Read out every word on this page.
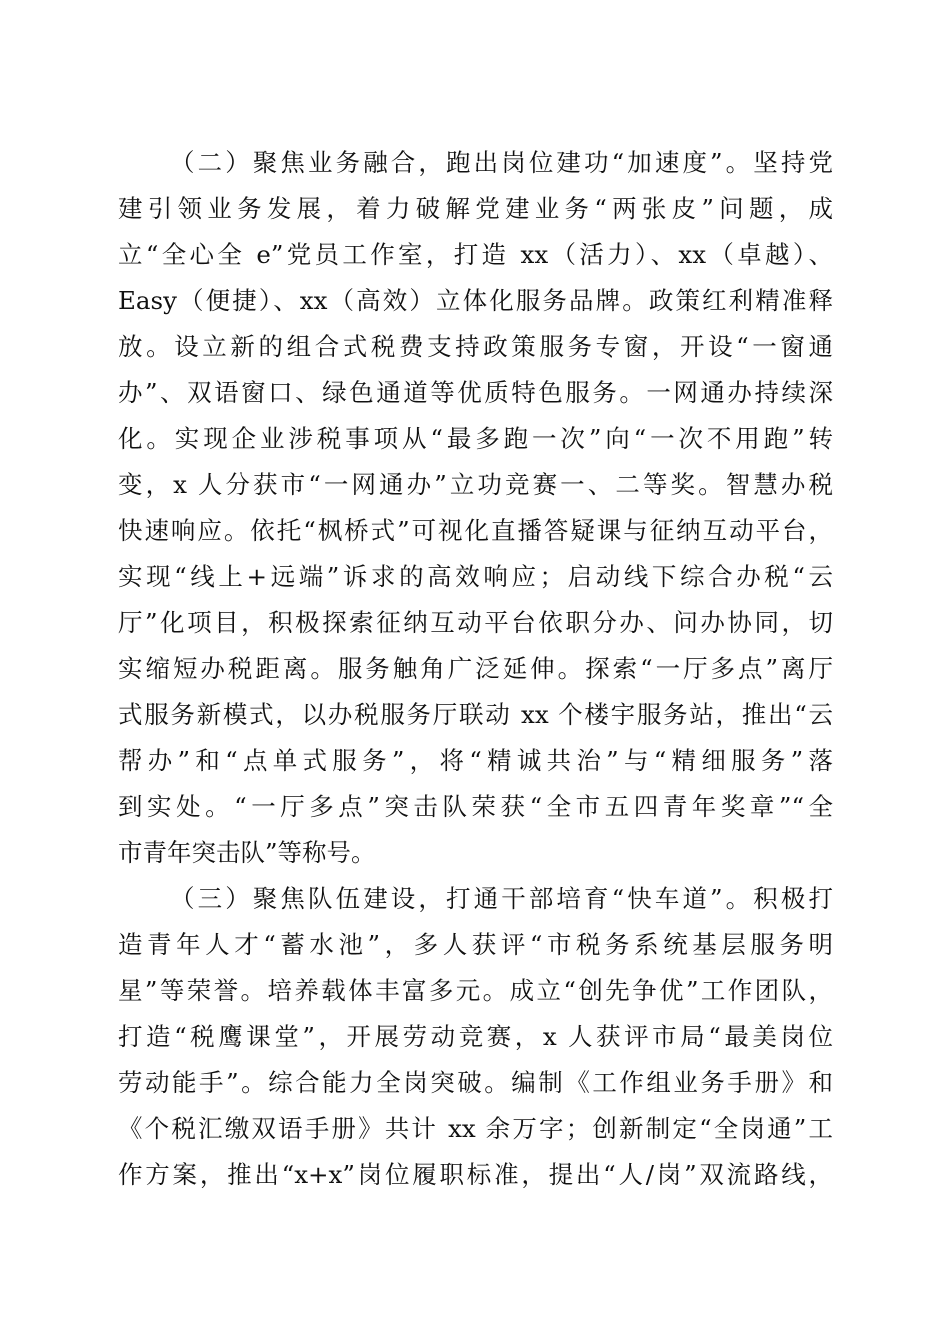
（二）聚焦业务融合，跑出岗位建功“加速度”。坚持党
建引领业务发展，着力破解党建业务“两张皮”问题，成
立“全心全 e”党员工作室，打造 xx（活力）、xx（卓越）、
Easy（便捷）、xx（高效）立体化服务品牌。政策红利精准释
放。设立新的组合式税费支持政策服务专窗，开设“一窗通
办”、双语窗口、绿色通道等优质特色服务。一网通办持续深
化。实现企业涉税事项从“最多跑一次”向“一次不用跑”转
变，x 人分获市“一网通办”立功竞赛一、二等奖。智慧办税
快速响应。依托“枫桥式”可视化直播答疑课与征纳互动平台，
实现“线上+远端”诉求的高效响应；启动线下综合办税“云
厅”化项目，积极探索征纳互动平台依职分办、问办协同，切
实缩短办税距离。服务触角广泛延伸。探索“一厅多点”离厅
式服务新模式，以办税服务厅联动 xx 个楼宇服务站，推出“云
帮办”和“点单式服务”，将“精诚共治”与“精细服务”落
到实处。“一厅多点”突击队荣获“全市五四青年奖章”“全
市青年突击队”等称号。
（三）聚焦队伍建设，打通干部培育“快车道”。积极打
造青年人才“蓄水池”，多人获评“市税务系统基层服务明
星”等荣誉。培养载体丰富多元。成立“创先争优”工作团队，
打造“税鹰课堂”，开展劳动竞赛，x 人获评市局“最美岗位
劳动能手”。综合能力全岗突破。编制《工作组业务手册》和
《个税汇缴双语手册》共计 xx 余万字；创新制定“全岗通”工
作方案，推出“x+x”岗位履职标准，提出“人/岗”双流路线，
